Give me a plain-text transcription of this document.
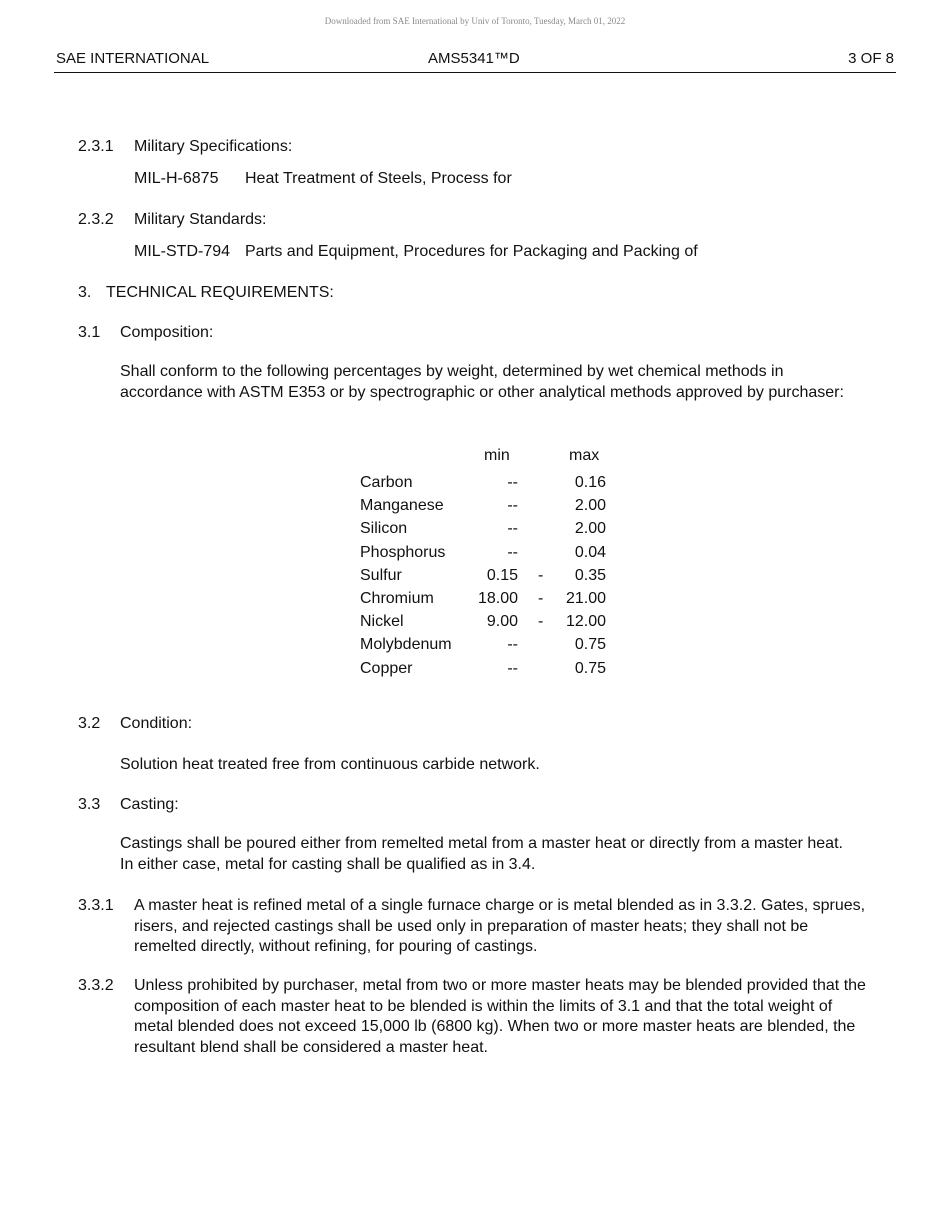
Downloaded from SAE International by Univ of Toronto, Tuesday, March 01, 2022
SAE INTERNATIONAL	AMS5341™D	3 OF 8
2.3.1 Military Specifications:
MIL-H-6875 Heat Treatment of Steels, Process for
2.3.2 Military Standards:
MIL-STD-794 Parts and Equipment, Procedures for Packaging and Packing of
3. TECHNICAL REQUIREMENTS:
3.1 Composition:
Shall conform to the following percentages by weight, determined by wet chemical methods in accordance with ASTM E353 or by spectrographic or other analytical methods approved by purchaser:
min	max
Carbon	--	0.16
Manganese	--	2.00
Silicon	--	2.00
Phosphorus	--	0.04
Sulfur	0.15 - 0.35
Chromium	18.00 - 21.00
Nickel	9.00 - 12.00
Molybdenum	--	0.75
Copper	--	0.75
3.2 Condition:
Solution heat treated free from continuous carbide network.
3.3 Casting:
Castings shall be poured either from remelted metal from a master heat or directly from a master heat. In either case, metal for casting shall be qualified as in 3.4.
3.3.1 A master heat is refined metal of a single furnace charge or is metal blended as in 3.3.2. Gates, sprues, risers, and rejected castings shall be used only in preparation of master heats; they shall not be remelted directly, without refining, for pouring of castings.
3.3.2 Unless prohibited by purchaser, metal from two or more master heats may be blended provided that the composition of each master heat to be blended is within the limits of 3.1 and that the total weight of metal blended does not exceed 15,000 lb (6800 kg). When two or more master heats are blended, the resultant blend shall be considered a master heat.
